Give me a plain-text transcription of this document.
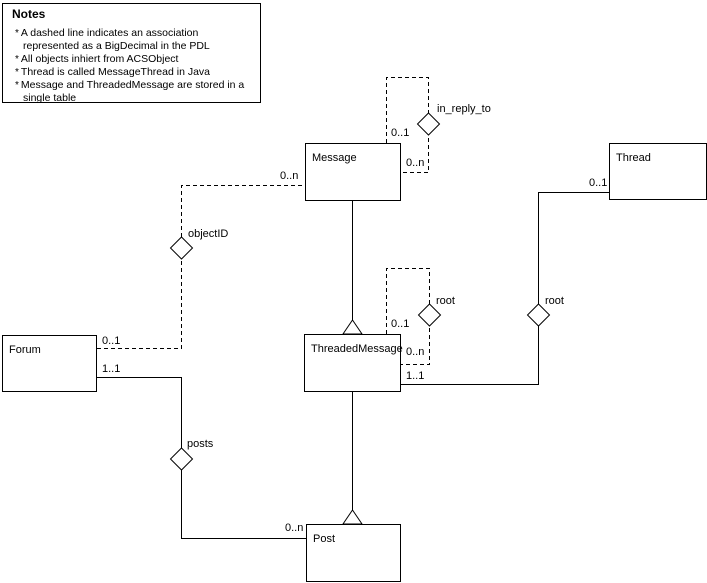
Notes
* A dashed line indicates an association represented as a BigDecimal in the PDL
* All objects inhiert from ACSObject
* Thread is called MessageThread in Java
* Message and ThreadedMessage are stored in a single table
Message	Thread
ThreadedMessage
Forum
Post
in_reply_to
0..1
0..n
objectID
0..n
0..1
root
0..1
0..n
root
0..1
1..1
posts
1..1
0..n
